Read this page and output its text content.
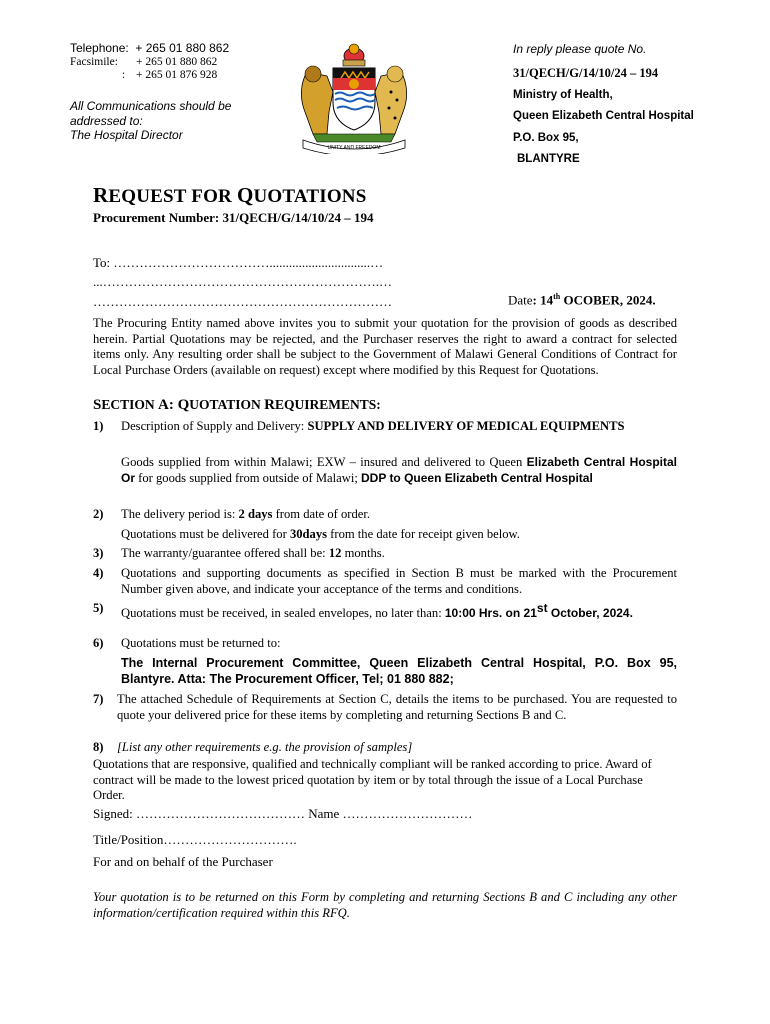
Telephone: + 265 01 880 862
Facsimile:	+ 265 01 880 862
: + 265 01 876 928
All Communications should be
addressed to:
The Hospital Director
UNITY AND FREEDOM
In reply please quote No.
31/QECH/G/14/10/24 – 194
Ministry of Health,
Queen Elizabeth Central Hospital
P.O. Box 95,
BLANTYRE
REQUEST FOR QUOTATIONS
Procurement Number: 31/QECH/G/14/10/24 – 194
To: ………………………………...............................…
...……………………………………………………….…
……………………………………………………………	Date: 14th OCOBER, 2024.
The Procuring Entity named above invites you to submit your quotation for the provision of goods as described herein. Partial Quotations may be rejected, and the Purchaser reserves the right to award a contract for selected items only. Any resulting order shall be subject to the Government of Malawi General Conditions of Contract for Local Purchase Orders (available on request) except where modified by this Request for Quotations.
SECTION A: QUOTATION REQUIREMENTS:
1) Description of Supply and Delivery: SUPPLY AND DELIVERY OF MEDICAL EQUIPMENTS
Goods supplied from within Malawi; EXW – insured and delivered to Queen Elizabeth Central Hospital Or for goods supplied from outside of Malawi; DDP to Queen Elizabeth Central Hospital
2) The delivery period is: 2 days from date of order.
Quotations must be delivered for 30days from the date for receipt given below.
3) The warranty/guarantee offered shall be: 12 months.
4) Quotations and supporting documents as specified in Section B must be marked with the Procurement Number given above, and indicate your acceptance of the terms and conditions.
5) Quotations must be received, in sealed envelopes, no later than: 10:00 Hrs. on 21st October, 2024.
6) Quotations must be returned to:
The Internal Procurement Committee, Queen Elizabeth Central Hospital, P.O. Box 95, Blantyre. Atta: The Procurement Officer, Tel; 01 880 882;
7) The attached Schedule of Requirements at Section C, details the items to be purchased. You are requested to quote your delivered price for these items by completing and returning Sections B and C.
8) [List any other requirements e.g. the provision of samples]
Quotations that are responsive, qualified and technically compliant will be ranked according to price. Award of contract will be made to the lowest priced quotation by item or by total through the issue of a Local Purchase Order.
Signed: ………………………………… Name …………………………
Title/Position………………………….
For and on behalf of the Purchaser
Your quotation is to be returned on this Form by completing and returning Sections B and C including any other information/certification required within this RFQ.
